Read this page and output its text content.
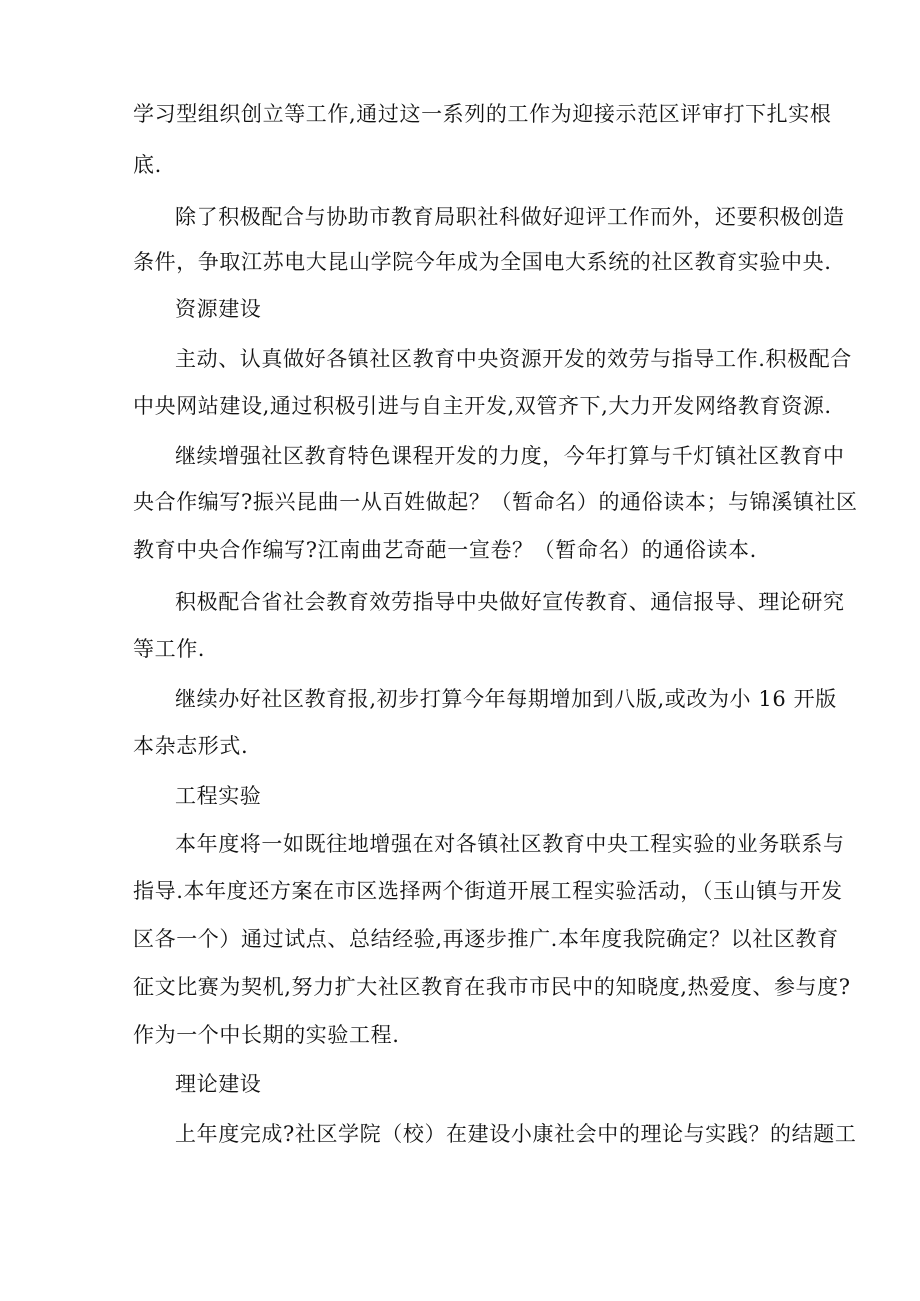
学习型组织创立等工作,通过这一系列的工作为迎接示范区评审打下扎实根

底.

除了积极配合与协助市教育局职社科做好迎评工作而外，还要积极创造

条件，争取江苏电大昆山学院今年成为全国电大系统的社区教育实验中央.

资源建设

主动、认真做好各镇社区教育中央资源开发的效劳与指导工作.积极配合

中央网站建设,通过积极引进与自主开发,双管齐下,大力开发网络教育资源.

继续增强社区教育特色课程开发的力度，今年打算与千灯镇社区教育中

央合作编写?振兴昆曲一从百姓做起？（暂命名）的通俗读本；与锦溪镇社区

教育中央合作编写?江南曲艺奇葩一宣卷？（暂命名）的通俗读本.

积极配合省社会教育效劳指导中央做好宣传教育、通信报导、理论研究

等工作.

继续办好社区教育报,初步打算今年每期增加到八版,或改为小 16 开版

本杂志形式.

工程实验

本年度将一如既往地增强在对各镇社区教育中央工程实验的业务联系与

指导.本年度还方案在市区选择两个街道开展工程实验活动，（玉山镇与开发

区各一个）通过试点、总结经验,再逐步推广.本年度我院确定？以社区教育

征文比赛为契机,努力扩大社区教育在我市市民中的知晓度,热爱度、参与度?

作为一个中长期的实验工程.

理论建设

上年度完成?社区学院（校）在建设小康社会中的理论与实践？的结题工
